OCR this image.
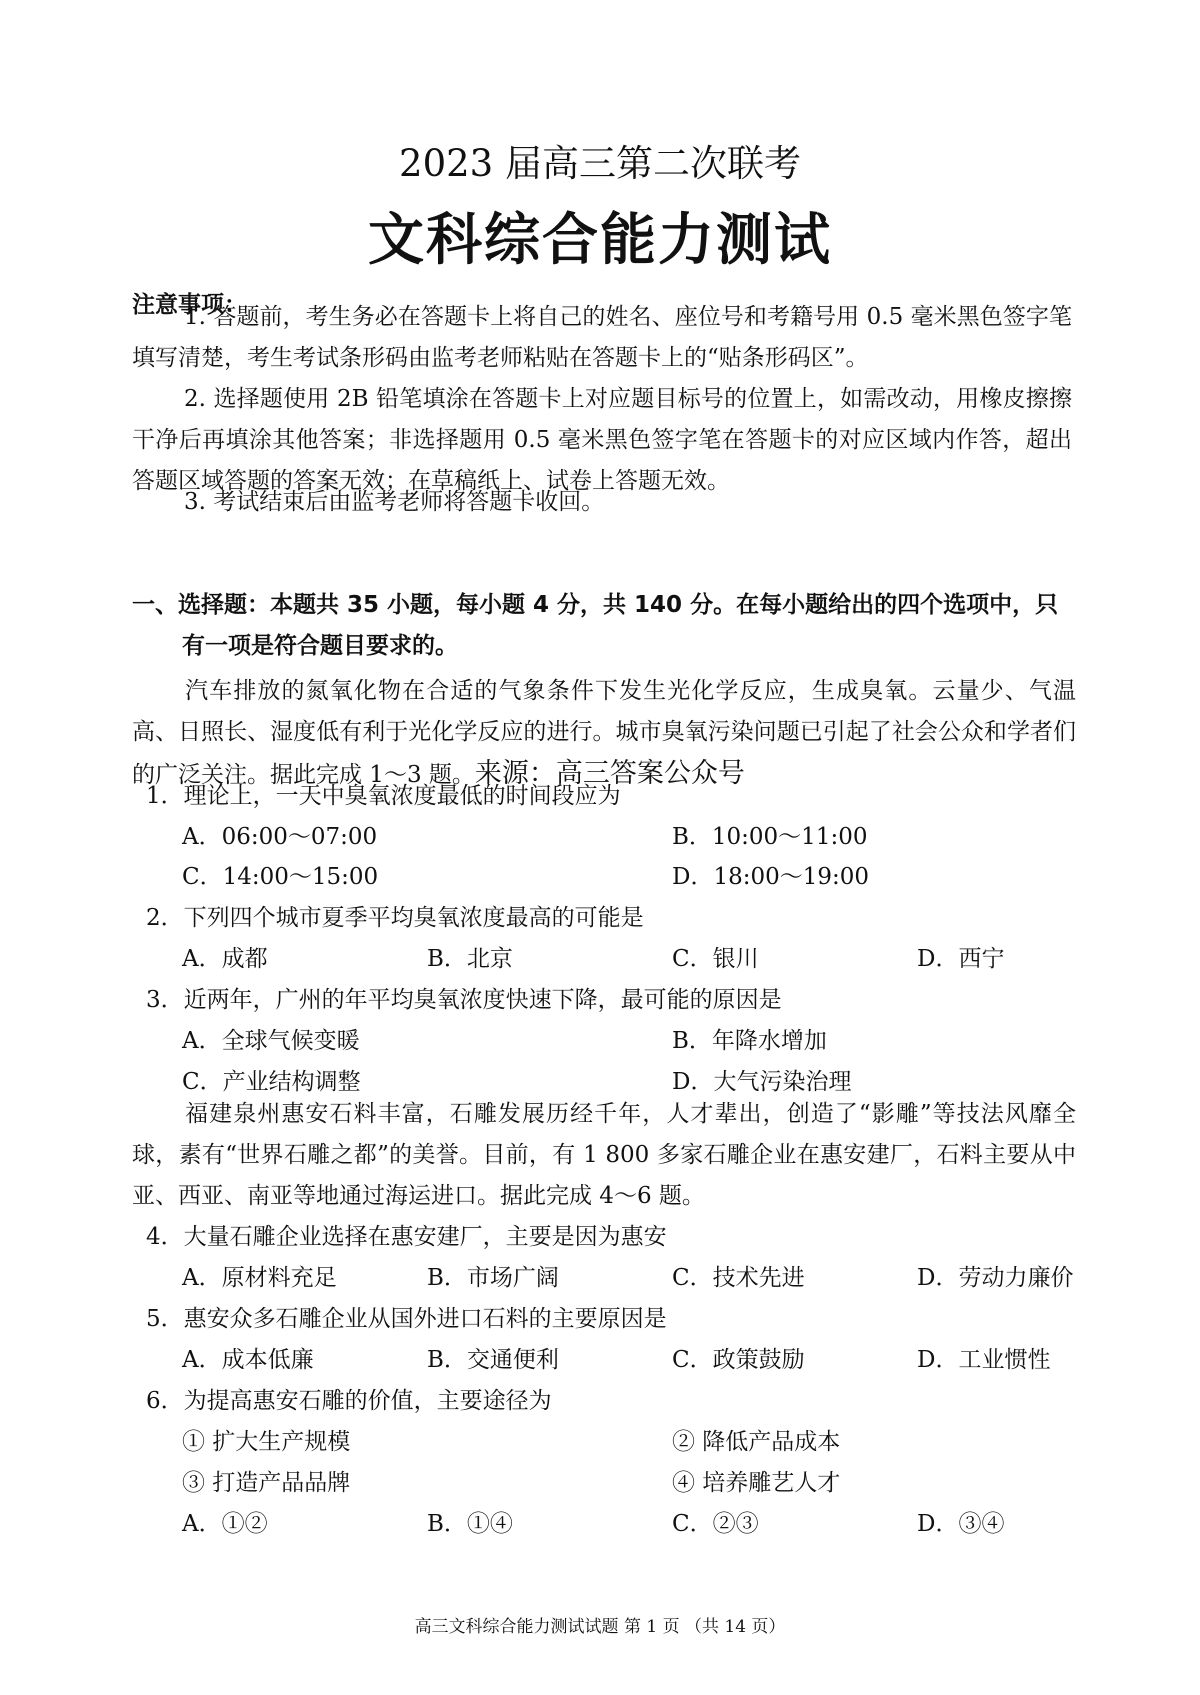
2023 届高三第二次联考
文科综合能力测试
注意事项：
1. 答题前，考生务必在答题卡上将自己的姓名、座位号和考籍号用 0.5 毫米黑色签字笔填写清楚，考生考试条形码由监考老师粘贴在答题卡上的“贴条形码区”。
2. 选择题使用 2B 铅笔填涂在答题卡上对应题目标号的位置上，如需改动，用橡皮擦擦干净后再填涂其他答案；非选择题用 0.5 毫米黑色签字笔在答题卡的对应区域内作答，超出答题区域答题的答案无效；在草稿纸上、试卷上答题无效。
3. 考试结束后由监考老师将答题卡收回。
一、选择题：本题共 35 小题，每小题 4 分，共 140 分。在每小题给出的四个选项中，只有一项是符合题目要求的。
汽车排放的氮氧化物在合适的气象条件下发生光化学反应，生成臭氧。云量少、气温高、日照长、湿度低有利于光化学反应的进行。城市臭氧污染问题已引起了社会公众和学者们的广泛关注。据此完成 1～3 题。来源：高三答案公众号
1．理论上，一天中臭氧浓度最低的时间段应为
A．06:00～07:00	B．10:00～11:00
C．14:00～15:00	D．18:00～19:00
2．下列四个城市夏季平均臭氧浓度最高的可能是
A．成都	B．北京	C．银川	D．西宁
3．近两年，广州的年平均臭氧浓度快速下降，最可能的原因是
A．全球气候变暖	B．年降水增加
C．产业结构调整	D．大气污染治理
福建泉州惠安石料丰富，石雕发展历经千年，人才辈出，创造了“影雕”等技法风靡全球，素有“世界石雕之都”的美誉。目前，有 1 800 多家石雕企业在惠安建厂，石料主要从中亚、西亚、南亚等地通过海运进口。据此完成 4～6 题。
4．大量石雕企业选择在惠安建厂，主要是因为惠安
A．原材料充足	B．市场广阔	C．技术先进	D．劳动力廉价
5．惠安众多石雕企业从国外进口石料的主要原因是
A．成本低廉	B．交通便利	C．政策鼓励	D．工业惯性
6．为提高惠安石雕的价值，主要途径为
① 扩大生产规模	② 降低产品成本
③ 打造产品品牌	④ 培养雕艺人才
A．①②	B．①④	C．②③	D．③④
高三文科综合能力测试试题 第 1 页 （共 14 页）
